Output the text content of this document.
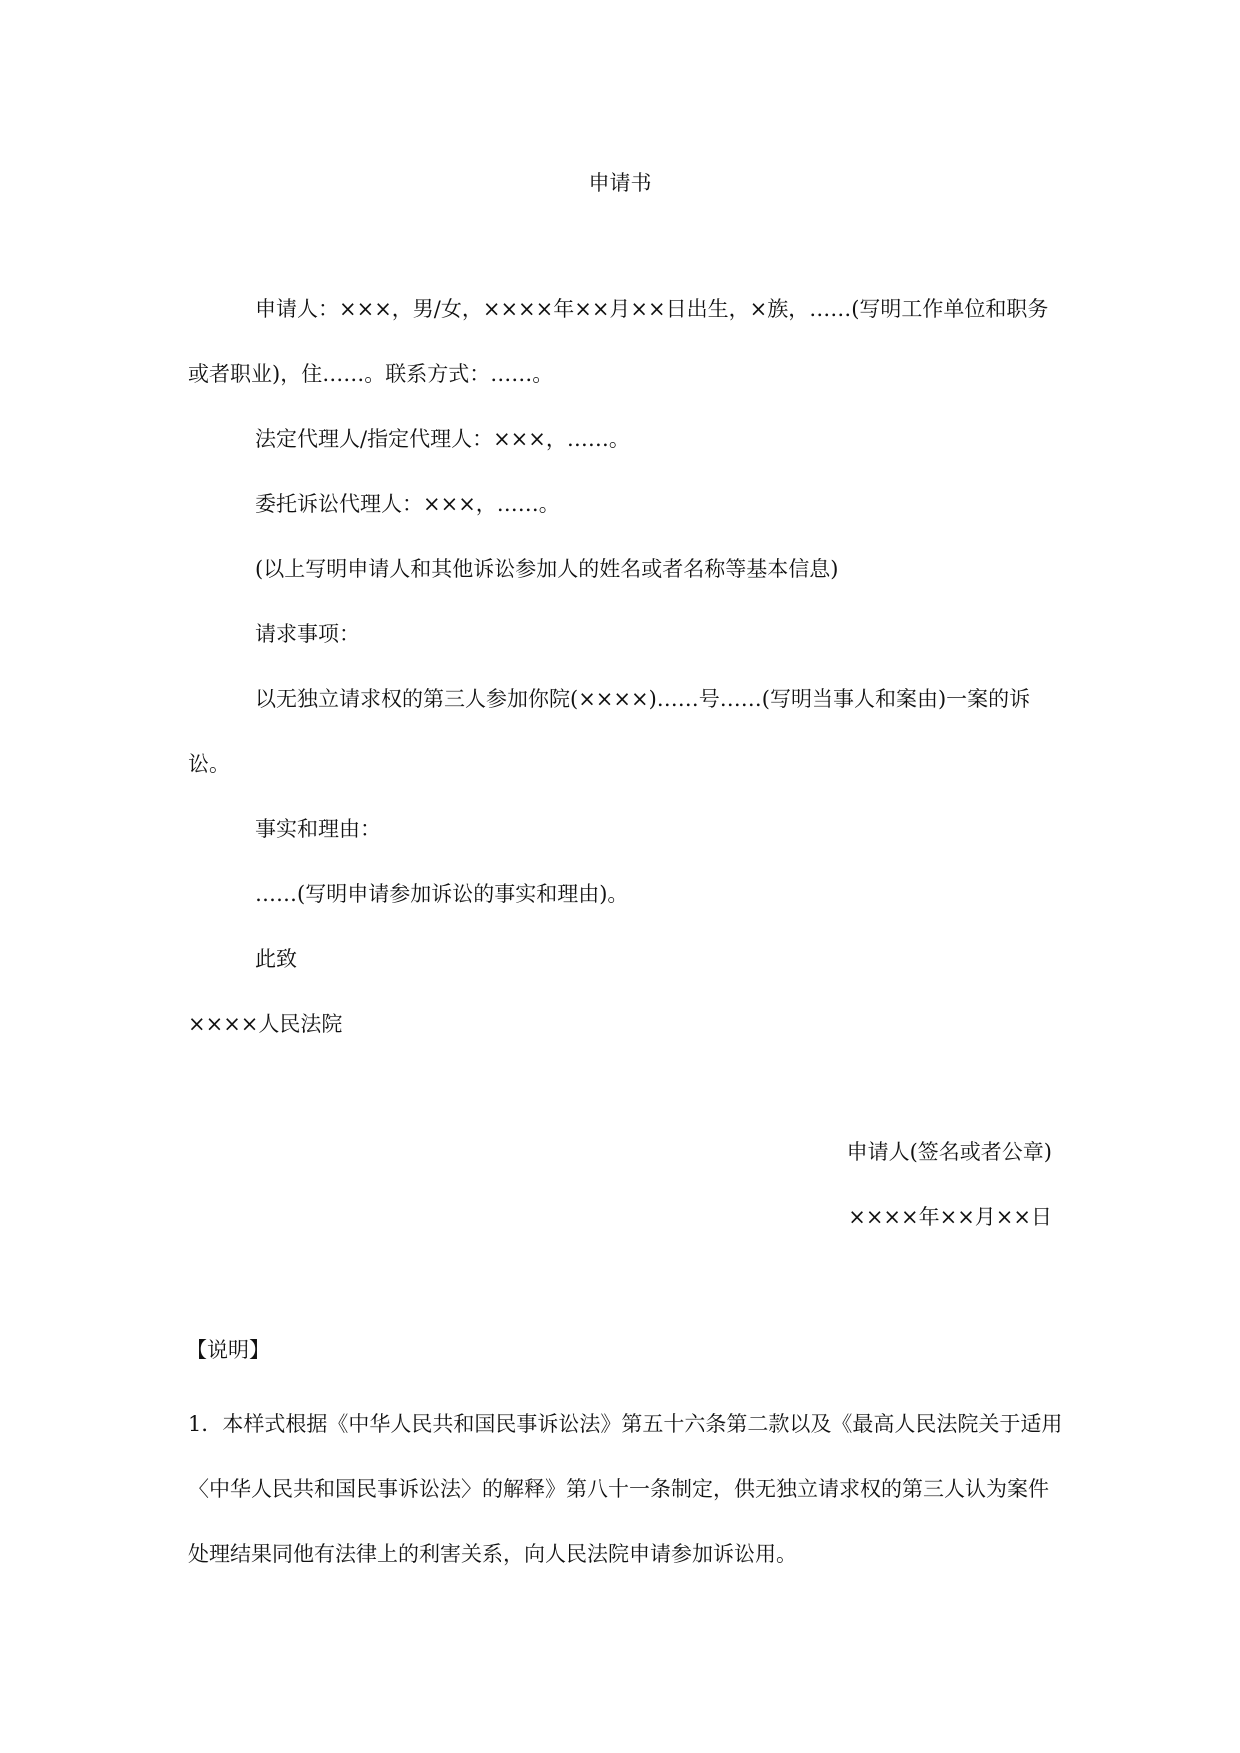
申请书
申请人：×××，男/女，××××年××月××日出生，×族，……(写明工作单位和职务或者职业)，住……。联系方式：……。
法定代理人/指定代理人：×××，……。
委托诉讼代理人：×××，……。
(以上写明申请人和其他诉讼参加人的姓名或者名称等基本信息)
请求事项：
以无独立请求权的第三人参加你院(××××)……号……(写明当事人和案由)一案的诉讼。
事实和理由：
……(写明申请参加诉讼的事实和理由)。
此致
××××人民法院
申请人(签名或者公章)
××××年××月××日
【说明】
1．本样式根据《中华人民共和国民事诉讼法》第五十六条第二款以及《最高人民法院关于适用〈中华人民共和国民事诉讼法〉的解释》第八十一条制定，供无独立请求权的第三人认为案件处理结果同他有法律上的利害关系，向人民法院申请参加诉讼用。
